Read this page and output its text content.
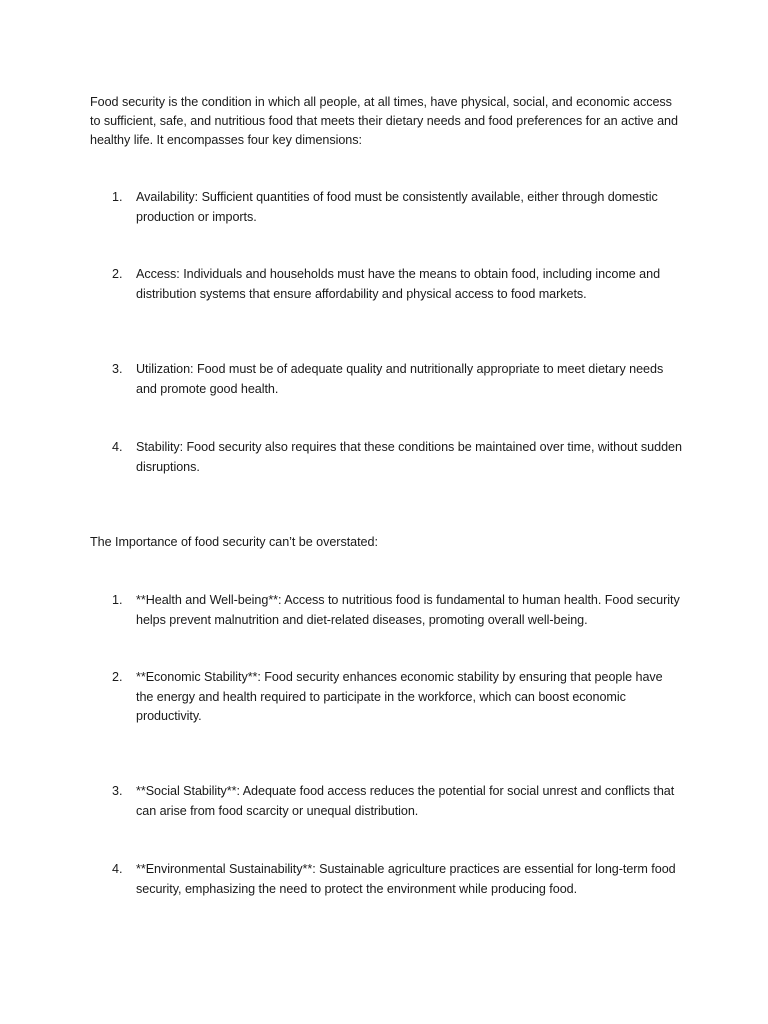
Food security is the condition in which all people, at all times, have physical, social, and economic access to sufficient, safe, and nutritious food that meets their dietary needs and food preferences for an active and healthy life. It encompasses four key dimensions:
1.	Availability: Sufficient quantities of food must be consistently available, either through domestic production or imports.
2.	Access: Individuals and households must have the means to obtain food, including income and distribution systems that ensure affordability and physical access to food markets.
3.	Utilization: Food must be of adequate quality and nutritionally appropriate to meet dietary needs and promote good health.
4.	Stability: Food security also requires that these conditions be maintained over time, without sudden disruptions.
The Importance of food security can’t be overstated:
1.	**Health and Well-being**: Access to nutritious food is fundamental to human health. Food security helps prevent malnutrition and diet-related diseases, promoting overall well-being.
2.	**Economic Stability**: Food security enhances economic stability by ensuring that people have the energy and health required to participate in the workforce, which can boost economic productivity.
3.	**Social Stability**: Adequate food access reduces the potential for social unrest and conflicts that can arise from food scarcity or unequal distribution.
4.	**Environmental Sustainability**: Sustainable agriculture practices are essential for long-term food security, emphasizing the need to protect the environment while producing food.
